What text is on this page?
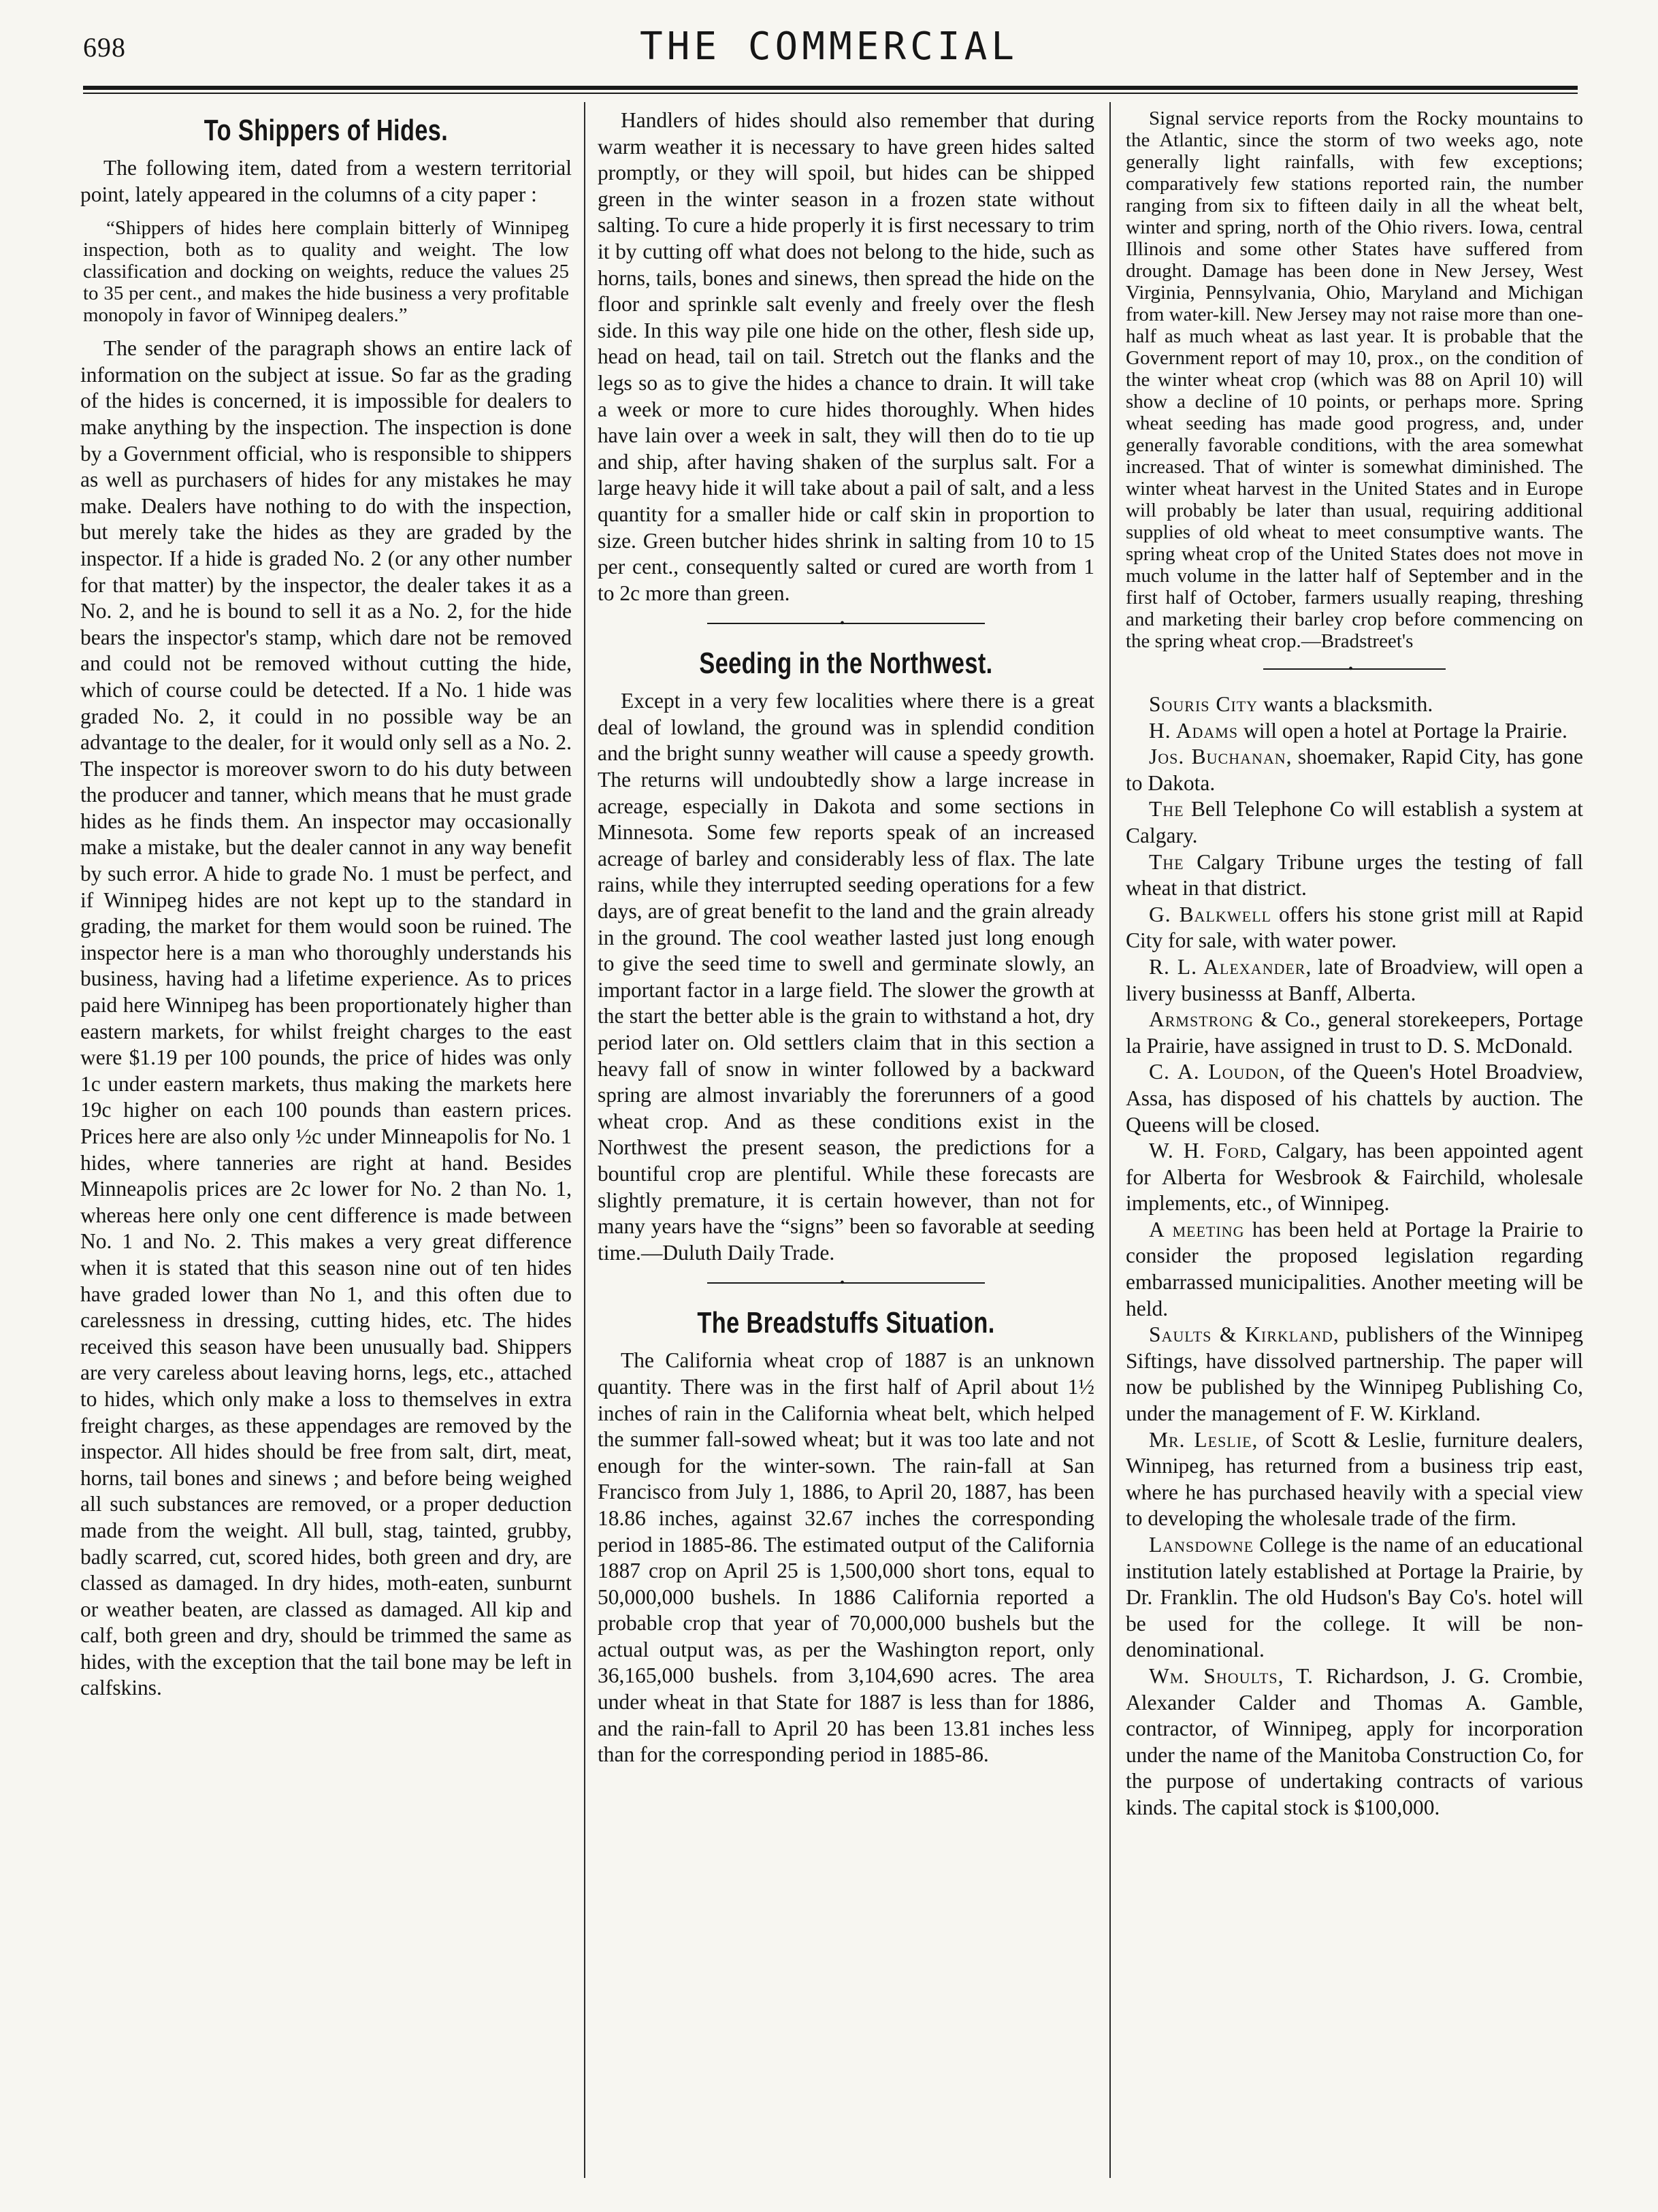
698	THE COMMERCIAL
To Shippers of Hides.

The following item, dated from a western territorial point, lately appeared in the columns of a city paper :

“Shippers of hides here complain bitterly of Winnipeg inspection, both as to quality and weight. The low classification and docking on weights, reduce the values 25 to 35 per cent., and makes the hide business a very profitable monopoly in favor of Winnipeg dealers.”

The sender of the paragraph shows an entire lack of information on the subject at issue. So far as the grading of the hides is concerned, it is impossible for dealers to make anything by the inspection. The inspection is done by a Government official, who is responsible to shippers as well as purchasers of hides for any mistakes he may make. Dealers have nothing to do with the inspection, but merely take the hides as they are graded by the inspector. If a hide is graded No. 2 (or any other number for that matter) by the inspector, the dealer takes it as a No. 2, and he is bound to sell it as a No. 2, for the hide bears the inspector's stamp, which dare not be removed and could not be removed without cutting the hide, which of course could be detected. If a No. 1 hide was graded No. 2, it could in no possible way be an advantage to the dealer, for it would only sell as a No. 2. The inspector is moreover sworn to do his duty between the producer and tanner, which means that he must grade hides as he finds them. An inspector may occasionally make a mistake, but the dealer cannot in any way benefit by such error. A hide to grade No. 1 must be perfect, and if Winnipeg hides are not kept up to the standard in grading, the market for them would soon be ruined. The inspector here is a man who thoroughly understands his business, having had a lifetime experience. As to prices paid here Winnipeg has been proportionately higher than eastern markets, for whilst freight charges to the east were $1.19 per 100 pounds, the price of hides was only 1c under eastern markets, thus making the markets here 19c higher on each 100 pounds than eastern prices. Prices here are also only ½c under Minneapolis for No. 1 hides, where tanneries are right at hand. Besides Minneapolis prices are 2c lower for No. 2 than No. 1, whereas here only one cent difference is made between No. 1 and No. 2. This makes a very great difference when it is stated that this season nine out of ten hides have graded lower than No 1, and this often due to carelessness in dressing, cutting hides, etc. The hides received this season have been unusually bad. Shippers are very careless about leaving horns, legs, etc., attached to hides, which only make a loss to themselves in extra freight charges, as these appendages are removed by the inspector. All hides should be free from salt, dirt, meat, horns, tail bones and sinews ; and before being weighed all such substances are removed, or a proper deduction made from the weight. All bull, stag, tainted, grubby, badly scarred, cut, scored hides, both green and dry, are classed as damaged. In dry hides, moth-eaten, sunburnt or weather beaten, are classed as damaged. All kip and calf, both green and dry, should be trimmed the same as hides, with the exception that the tail bone may be left in calfskins.

Handlers of hides should also remember that during warm weather it is necessary to have green hides salted promptly, or they will spoil, but hides can be shipped green in the winter season in a frozen state without salting. To cure a hide properly it is first necessary to trim it by cutting off what does not belong to the hide, such as horns, tails, bones and sinews, then spread the hide on the floor and sprinkle salt evenly and freely over the flesh side. In this way pile one hide on the other, flesh side up, head on head, tail on tail. Stretch out the flanks and the legs so as to give the hides a chance to drain. It will take a week or more to cure hides thoroughly. When hides have lain over a week in salt, they will then do to tie up and ship, after having shaken of the surplus salt. For a large heavy hide it will take about a pail of salt, and a less quantity for a smaller hide or calf skin in proportion to size. Green butcher hides shrink in salting from 10 to 15 per cent., consequently salted or cured are worth from 1 to 2c more than green.

•
Seeding in the Northwest.

Except in a very few localities where there is a great deal of lowland, the ground was in splendid condition and the bright sunny weather will cause a speedy growth. The returns will undoubtedly show a large increase in acreage, especially in Dakota and some sections in Minnesota. Some few reports speak of an increased acreage of barley and considerably less of flax. The late rains, while they interrupted seeding operations for a few days, are of great benefit to the land and the grain already in the ground. The cool weather lasted just long enough to give the seed time to swell and germinate slowly, an important factor in a large field. The slower the growth at the start the better able is the grain to withstand a hot, dry period later on. Old settlers claim that in this section a heavy fall of snow in winter followed by a backward spring are almost invariably the forerunners of a good wheat crop. And as these conditions exist in the Northwest the present season, the predictions for a bountiful crop are plentiful. While these forecasts are slightly premature, it is certain however, than not for many years have the “signs” been so favorable at seeding time.—Duluth Daily Trade.

•
The Breadstuffs Situation.

The California wheat crop of 1887 is an unknown quantity. There was in the first half of April about 1½ inches of rain in the California wheat belt, which helped the summer fall-sowed wheat; but it was too late and not enough for the winter-sown. The rain-fall at San Francisco from July 1, 1886, to April 20, 1887, has been 18.86 inches, against 32.67 inches the corresponding period in 1885-86. The estimated output of the California 1887 crop on April 25 is 1,500,000 short tons, equal to 50,000,000 bushels. In 1886 California reported a probable crop that year of 70,000,000 bushels but the actual output was, as per the Washington report, only 36,165,000 bushels. from 3,104,690 acres. The area under wheat in that State for 1887 is less than for 1886, and the rain-fall to April 20 has been 13.81 inches less than for the corresponding period in 1885-86.

Signal service reports from the Rocky mountains to the Atlantic, since the storm of two weeks ago, note generally light rainfalls, with few exceptions; comparatively few stations reported rain, the number ranging from six to fifteen daily in all the wheat belt, winter and spring, north of the Ohio rivers. Iowa, central Illinois and some other States have suffered from drought. Damage has been done in New Jersey, West Virginia, Pennsylvania, Ohio, Maryland and Michigan from water-kill. New Jersey may not raise more than one-half as much wheat as last year. It is probable that the Government report of may 10, prox., on the condition of the winter wheat crop (which was 88 on April 10) will show a decline of 10 points, or perhaps more. Spring wheat seeding has made good progress, and, under generally favorable conditions, with the area somewhat increased. That of winter is somewhat diminished. The winter wheat harvest in the United States and in Europe will probably be later than usual, requiring additional supplies of old wheat to meet consumptive wants. The spring wheat crop of the United States does not move in much volume in the latter half of September and in the first half of October, farmers usually reaping, threshing and marketing their barley crop before commencing on the spring wheat crop.—Bradstreet's

•

Souris City wants a blacksmith.

H. Adams will open a hotel at Portage la Prairie.

Jos. Buchanan, shoemaker, Rapid City, has gone to Dakota.

The Bell Telephone Co will establish a system at Calgary.

The Calgary Tribune urges the testing of fall wheat in that district.

G. Balkwell offers his stone grist mill at Rapid City for sale, with water power.

R. L. Alexander, late of Broadview, will open a livery businesss at Banff, Alberta.

Armstrong & Co., general storekeepers, Portage la Prairie, have assigned in trust to D. S. McDonald.

C. A. Loudon, of the Queen's Hotel Broadview, Assa, has disposed of his chattels by auction. The Queens will be closed.

W. H. Ford, Calgary, has been appointed agent for Alberta for Wesbrook & Fairchild, wholesale implements, etc., of Winnipeg.

A meeting has been held at Portage la Prairie to consider the proposed legislation regarding embarrassed municipalities. Another meeting will be held.

Saults & Kirkland, publishers of the Winnipeg Siftings, have dissolved partnership. The paper will now be published by the Winnipeg Publishing Co, under the management of F. W. Kirkland.

Mr. Leslie, of Scott & Leslie, furniture dealers, Winnipeg, has returned from a business trip east, where he has purchased heavily with a special view to developing the wholesale trade of the firm.

Lansdowne College is the name of an educational institution lately established at Portage la Prairie, by Dr. Franklin. The old Hudson's Bay Co's. hotel will be used for the college. It will be non-denominational.

Wm. Shoults, T. Richardson, J. G. Crombie, Alexander Calder and Thomas A. Gamble, contractor, of Winnipeg, apply for incorporation under the name of the Manitoba Construction Co, for the purpose of undertaking contracts of various kinds. The capital stock is $100,000.
